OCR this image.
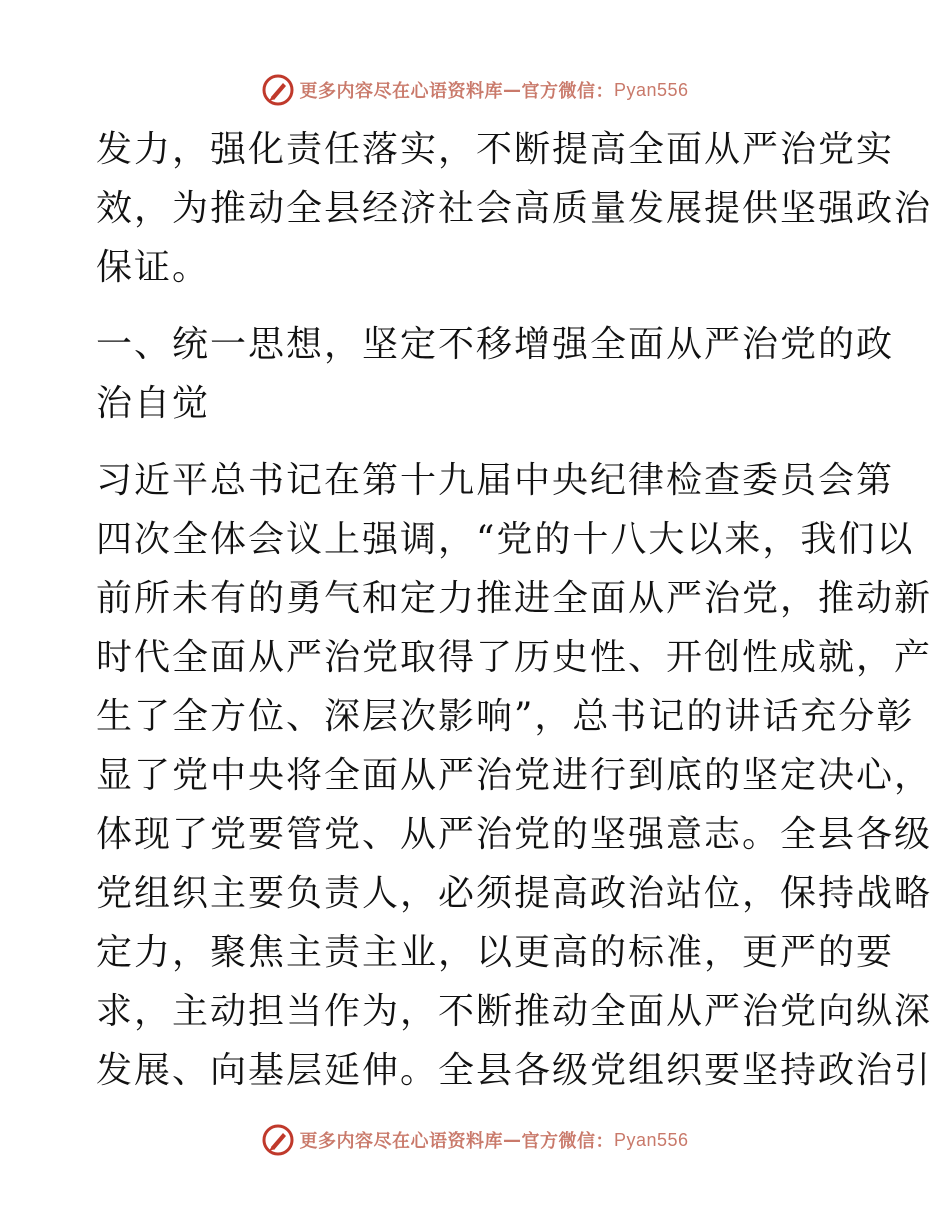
更多内容尽在心语资料库 — 官方微信： Pyan556
发力，强化责任落实，不断提高全面从严治党实
效，为推动全县经济社会高质量发展提供坚强政治
保证。
一、统一思想，坚定不移增强全面从严治党的政
治自觉
习近平总书记在第十九届中央纪律检查委员会第
四次全体会议上强调，“党的十八大以来，我们以
前所未有的勇气和定力推进全面从严治党，推动新
时代全面从严治党取得了历史性、开创性成就，产
生了全方位、深层次影响”，总书记的讲话充分彰
显了党中央将全面从严治党进行到底的坚定决心，
体现了党要管党、从严治党的坚强意志。全县各级
党组织主要负责人，必须提高政治站位，保持战略
定力，聚焦主责主业，以更高的标准，更严的要
求，主动担当作为，不断推动全面从严治党向纵深
发展、向基层延伸。全县各级党组织要坚持政治引
更多内容尽在心语资料库 — 官方微信： Pyan556
